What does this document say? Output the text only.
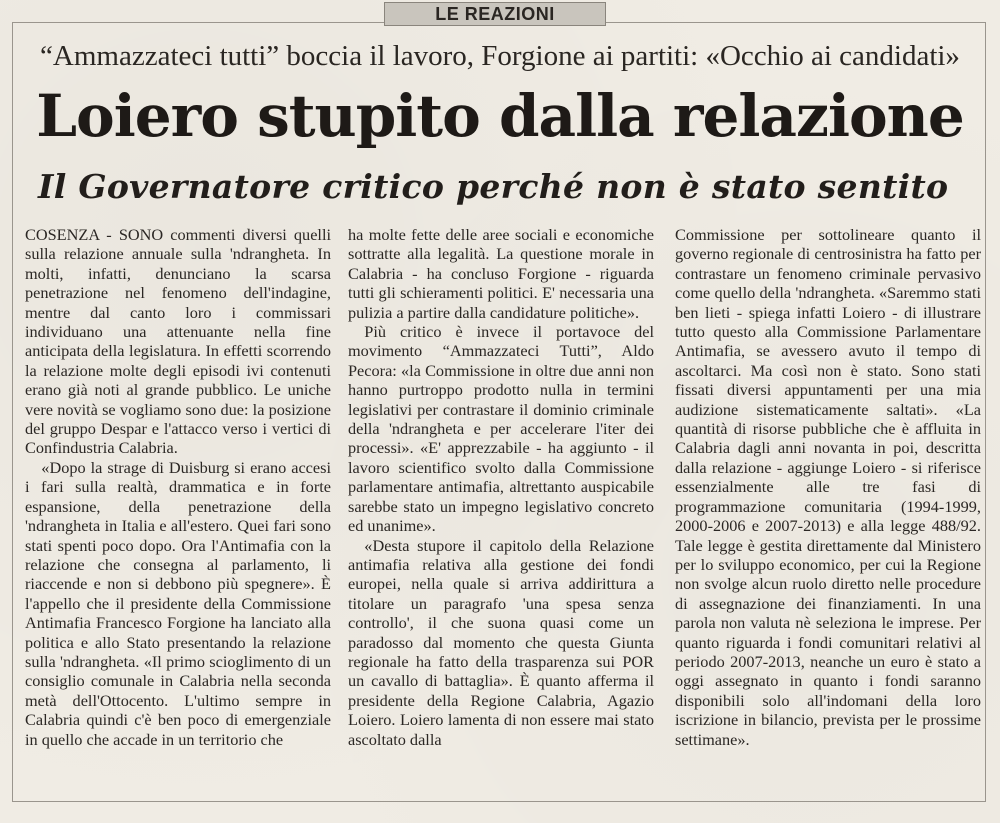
LE REAZIONI
“Ammazzateci tutti” boccia il lavoro, Forgione ai partiti: «Occhio ai candidati»
Loiero stupito dalla relazione
Il Governatore critico perché non è stato sentito

COSENZA - SONO commenti diversi quelli sulla relazione annuale sulla 'ndrangheta. In molti, infatti, denunciano la scarsa penetrazione nel fenomeno dell'indagine, mentre dal canto loro i commissari individuano una attenuante nella fine anticipata della legislatura. In effetti scorrendo la relazione molte degli episodi ivi contenuti erano già noti al grande pubblico. Le uniche vere novità se vogliamo sono due: la posizione del gruppo Despar e l'attacco verso i vertici di Confindustria Calabria.

«Dopo la strage di Duisburg si erano accesi i fari sulla realtà, drammatica e in forte espansione, della penetrazione della 'ndrangheta in Italia e all'estero. Quei fari sono stati spenti poco dopo. Ora l'Antimafia con la relazione che consegna al parlamento, li riaccende e non si debbono più spegnere». È l'appello che il presidente della Commissione Antimafia Francesco Forgione ha lanciato alla politica e allo Stato presentando la relazione sulla 'ndrangheta. «Il primo scioglimento di un consiglio comunale in Calabria nella seconda metà dell'Ottocento. L'ultimo sempre in Calabria quindi c'è ben poco di emergenziale in quello che accade in un territorio che

ha molte fette delle aree sociali e economiche sottratte alla legalità. La questione morale in Calabria - ha concluso Forgione - riguarda tutti gli schieramenti politici. E' necessaria una pulizia a partire dalla candidature politiche».

Più critico è invece il portavoce del movimento “Ammazzateci Tutti”, Aldo Pecora: «la Commissione in oltre due anni non hanno purtroppo prodotto nulla in termini legislativi per contrastare il dominio criminale della 'ndrangheta e per accelerare l'iter dei processi». «E' apprezzabile - ha aggiunto - il lavoro scientifico svolto dalla Commissione parlamentare antimafia, altrettanto auspicabile sarebbe stato un impegno legislativo concreto ed unanime».

«Desta stupore il capitolo della Relazione antimafia relativa alla gestione dei fondi europei, nella quale si arriva addirittura a titolare un paragrafo 'una spesa senza controllo', il che suona quasi come un paradosso dal momento che questa Giunta regionale ha fatto della trasparenza sui POR un cavallo di battaglia». È quanto afferma il presidente della Regione Calabria, Agazio Loiero. Loiero lamenta di non essere mai stato ascoltato dalla

Commissione per sottolineare quanto il governo regionale di centrosinistra ha fatto per contrastare un fenomeno criminale pervasivo come quello della 'ndrangheta. «Saremmo stati ben lieti - spiega infatti Loiero - di illustrare tutto questo alla Commissione Parlamentare Antimafia, se avessero avuto il tempo di ascoltarci. Ma così non è stato. Sono stati fissati diversi appuntamenti per una mia audizione sistematicamente saltati». «La quantità di risorse pubbliche che è affluita in Calabria dagli anni novanta in poi, descritta dalla relazione - aggiunge Loiero - si riferisce essenzialmente alle tre fasi di programmazione comunitaria (1994-1999, 2000-2006 e 2007-2013) e alla legge 488/92. Tale legge è gestita direttamente dal Ministero per lo sviluppo economico, per cui la Regione non svolge alcun ruolo diretto nelle procedure di assegnazione dei finanziamenti. In una parola non valuta nè seleziona le imprese. Per quanto riguarda i fondi comunitari relativi al periodo 2007-2013, neanche un euro è stato a oggi assegnato in quanto i fondi saranno disponibili solo all'indomani della loro iscrizione in bilancio, prevista per le prossime settimane».
